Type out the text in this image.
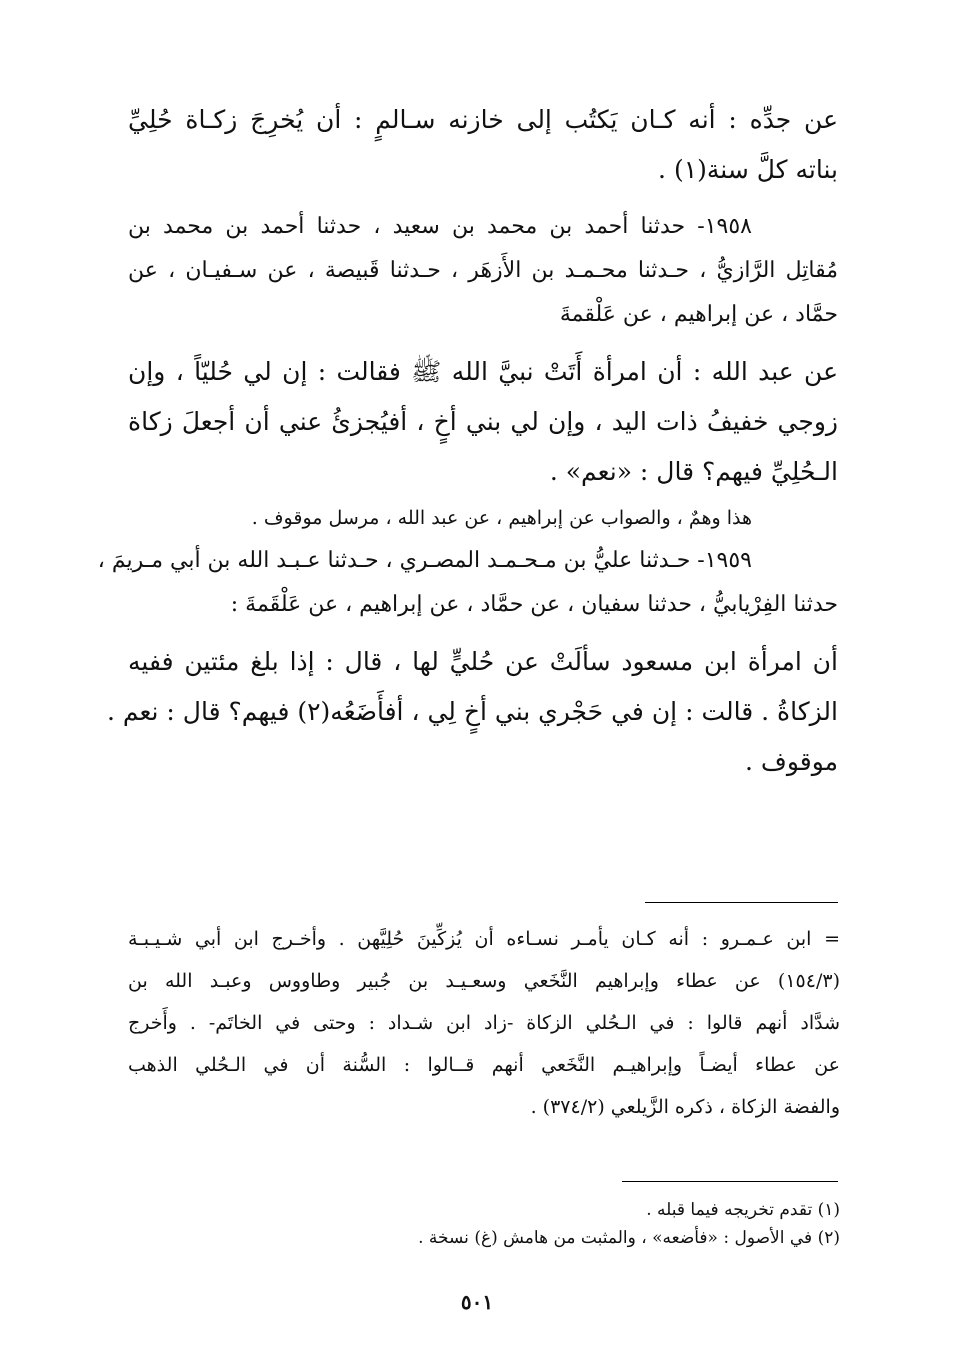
عن جدِّه : أنه كـان يَكتُب إلى خازنه سـالمٍ : أن يُخرِجَ زكـاة حُلِيِّ
بناته كلَّ سنة(١) .
١٩٥٨- حدثنا أحمد بن محمد بن سعيد ، حدثنا أحمد بن محمد بن
مُقاتِل الرَّازيُّ ، حـدثنا محـمـد بن الأَزهَر ، حـدثنا قَبيصة ، عن سـفيـان ، عن
حمَّاد ، عن إبراهيم ، عن عَلْقمةَ
عن عبد الله : أن امرأة أَتَتْ نبيَّ الله ﷺ فقالت : إن لي حُليّاً ، وإن
زوجي خفيفُ ذات اليد ، وإن لي بني أخٍ ، أفيُجزئُ عني أن أجعلَ زكاة
الـحُلِيِّ فيهم؟ قال : «نعم» .
هذا وهمٌ ، والصواب عن إبراهيم ، عن عبد الله ، مرسل موقوف .
١٩٥٩- حـدثنا عليُّ بن مـحـمـد المصـري ، حـدثنا عـبـد الله بن أبي مـريمَ ،
حدثنا الفِرْيابيُّ ، حدثنا سفيان ، عن حمَّاد ، عن إبراهيم ، عن عَلْقَمةَ :
أن امرأة ابن مسعود سألَتْ عن حُليٍّ لها ، قال : إذا بلغ مئتين ففيه
الزكاةُ . قالت : إن في حَجْري بني أخٍ لِي ، أفأَضَعُه(٢) فيهم؟ قال : نعم .
موقوف .
= ابن عـمـرو : أنه كـان يأمـر نسـاءه أن يُزكِّينَ حُلِيَّهن . وأخـرج ابن أبي شـيـبـة
(١٥٤/٣) عن عطاء وإبراهيم النَّخَعي وسعـيـد بن جُبير وطاووس وعبـد الله بن
شدَّاد أنهم قالوا : في الـحُلي الزكاة -زاد ابن شـداد : وحتى في الخاتَم- . وأَخرج
عن عطاء أيضـاً وإبراهيـم النَّخَعي أنهم قــالوا : السُّنة أن في الـحُلي الذهب
والفضة الزكاة ، ذكره الزَّيلعي (٣٧٤/٢) .
(١) تقدم تخريجه فيما قبله .
(٢) في الأصول : «فأضعه» ، والمثبت من هامش (غ) نسخة .
٥٠١
